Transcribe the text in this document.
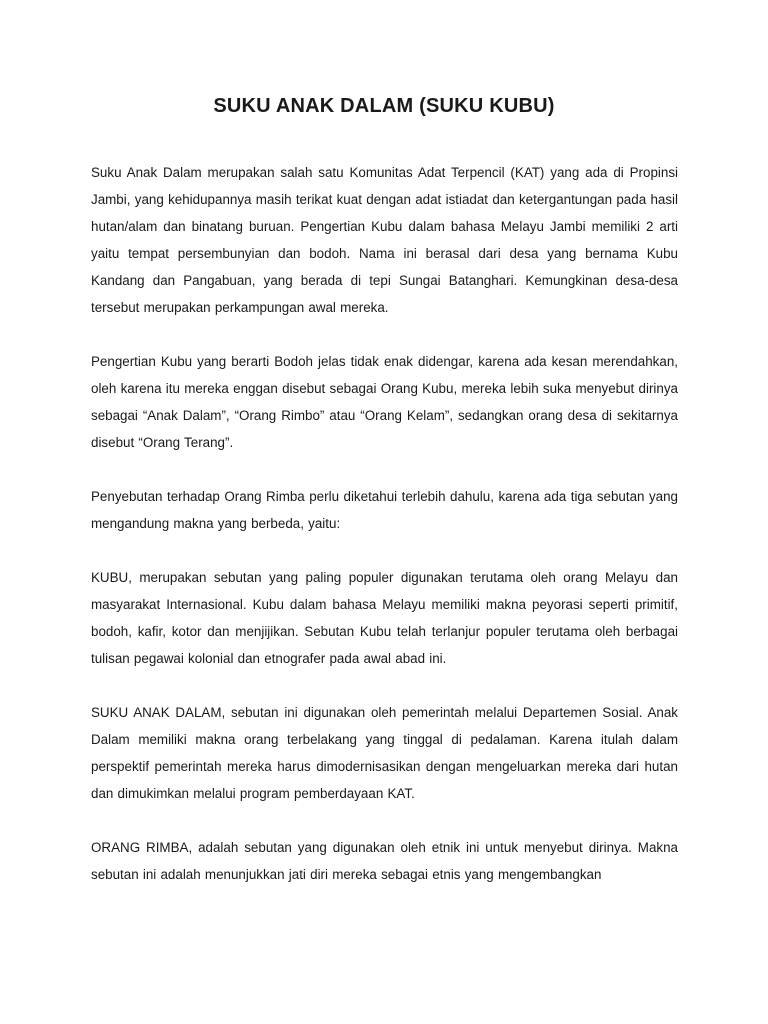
SUKU ANAK DALAM (SUKU KUBU)

Suku Anak Dalam merupakan salah satu Komunitas Adat Terpencil (KAT) yang ada di Propinsi Jambi, yang kehidupannya masih terikat kuat dengan adat istiadat dan ketergantungan pada hasil hutan/alam dan binatang buruan. Pengertian Kubu dalam bahasa Melayu Jambi memiliki 2 arti yaitu tempat persembunyian dan bodoh. Nama ini berasal dari desa yang bernama Kubu Kandang dan Pangabuan, yang berada di tepi Sungai Batanghari. Kemungkinan desa-desa tersebut merupakan perkampungan awal mereka.

Pengertian Kubu yang berarti Bodoh jelas tidak enak didengar, karena ada kesan merendahkan, oleh karena itu mereka enggan disebut sebagai Orang Kubu, mereka lebih suka menyebut dirinya sebagai “Anak Dalam”, “Orang Rimbo” atau “Orang Kelam”, sedangkan orang desa di sekitarnya disebut “Orang Terang”.

Penyebutan terhadap Orang Rimba perlu diketahui terlebih dahulu, karena ada tiga sebutan yang mengandung makna yang berbeda, yaitu:

KUBU, merupakan sebutan yang paling populer digunakan terutama oleh orang Melayu dan masyarakat Internasional. Kubu dalam bahasa Melayu memiliki makna peyorasi seperti primitif, bodoh, kafir, kotor dan menjijikan. Sebutan Kubu telah terlanjur populer terutama oleh berbagai tulisan pegawai kolonial dan etnografer pada awal abad ini.

SUKU ANAK DALAM, sebutan ini digunakan oleh pemerintah melalui Departemen Sosial. Anak Dalam memiliki makna orang terbelakang yang tinggal di pedalaman. Karena itulah dalam perspektif pemerintah mereka harus dimodernisasikan dengan mengeluarkan mereka dari hutan dan dimukimkan melalui program pemberdayaan KAT.

ORANG RIMBA, adalah sebutan yang digunakan oleh etnik ini untuk menyebut dirinya. Makna sebutan ini adalah menunjukkan jati diri mereka sebagai etnis yang mengembangkan
